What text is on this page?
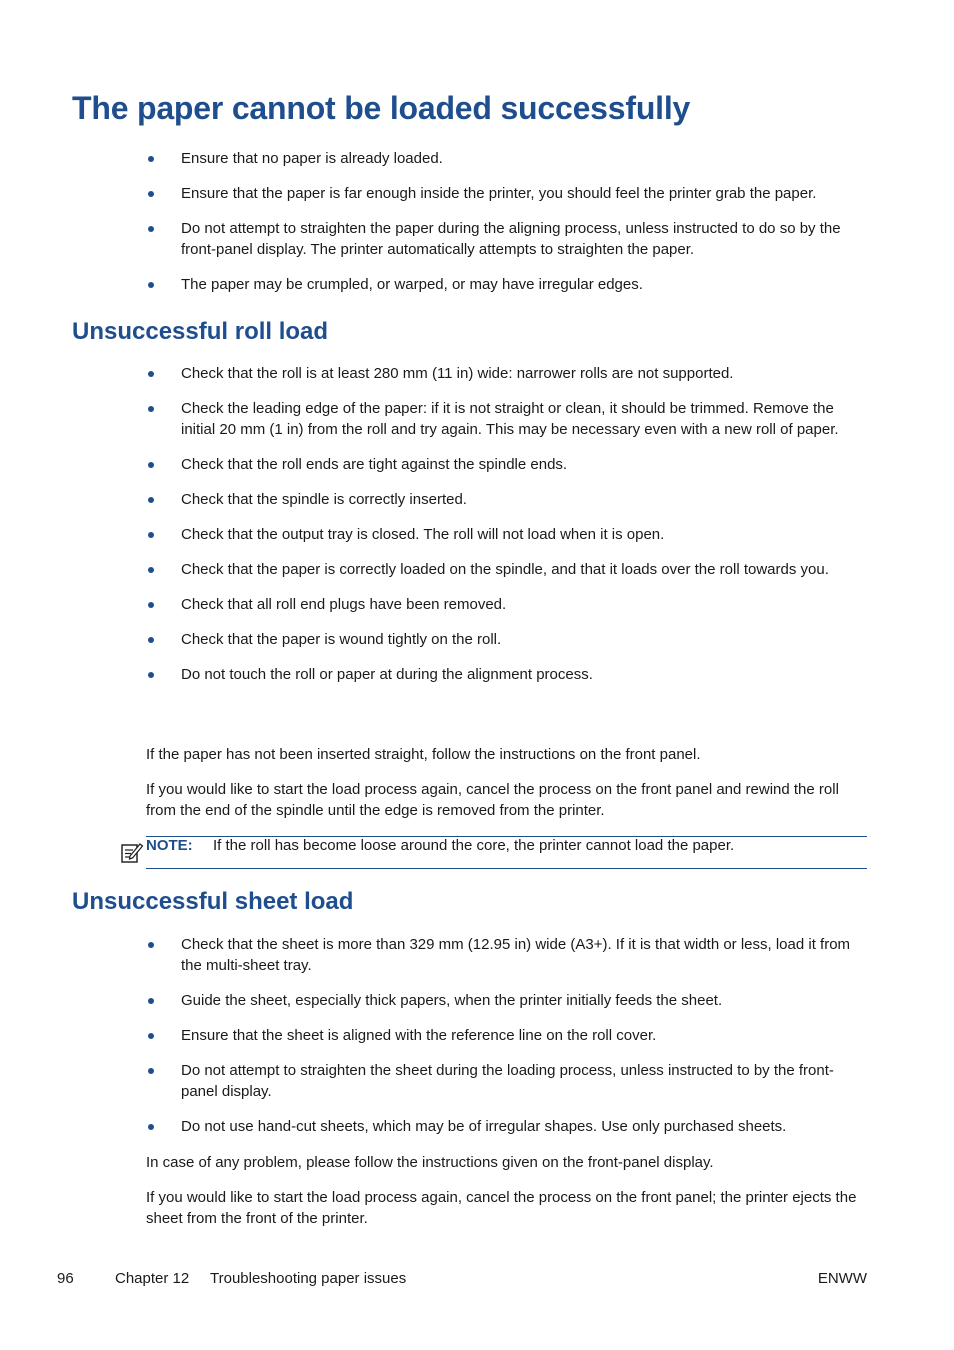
The paper cannot be loaded successfully
Ensure that no paper is already loaded.
Ensure that the paper is far enough inside the printer, you should feel the printer grab the paper.
Do not attempt to straighten the paper during the aligning process, unless instructed to do so by the front-panel display. The printer automatically attempts to straighten the paper.
The paper may be crumpled, or warped, or may have irregular edges.
Unsuccessful roll load
Check that the roll is at least 280 mm (11 in) wide: narrower rolls are not supported.
Check the leading edge of the paper: if it is not straight or clean, it should be trimmed. Remove the initial 20 mm (1 in) from the roll and try again. This may be necessary even with a new roll of paper.
Check that the roll ends are tight against the spindle ends.
Check that the spindle is correctly inserted.
Check that the output tray is closed. The roll will not load when it is open.
Check that the paper is correctly loaded on the spindle, and that it loads over the roll towards you.
Check that all roll end plugs have been removed.
Check that the paper is wound tightly on the roll.
Do not touch the roll or paper at during the alignment process.

If the paper has not been inserted straight, follow the instructions on the front panel.

If you would like to start the load process again, cancel the process on the front panel and rewind the roll from the end of the spindle until the edge is removed from the printer.

NOTE: If the roll has become loose around the core, the printer cannot load the paper.
Unsuccessful sheet load
Check that the sheet is more than 329 mm (12.95 in) wide (A3+). If it is that width or less, load it from the multi-sheet tray.
Guide the sheet, especially thick papers, when the printer initially feeds the sheet.
Ensure that the sheet is aligned with the reference line on the roll cover.
Do not attempt to straighten the sheet during the loading process, unless instructed to by the front-panel display.
Do not use hand-cut sheets, which may be of irregular shapes. Use only purchased sheets.

In case of any problem, please follow the instructions given on the front-panel display.

If you would like to start the load process again, cancel the process on the front panel; the printer ejects the sheet from the front of the printer.

96	Chapter 12 Troubleshooting paper issues	ENWW
